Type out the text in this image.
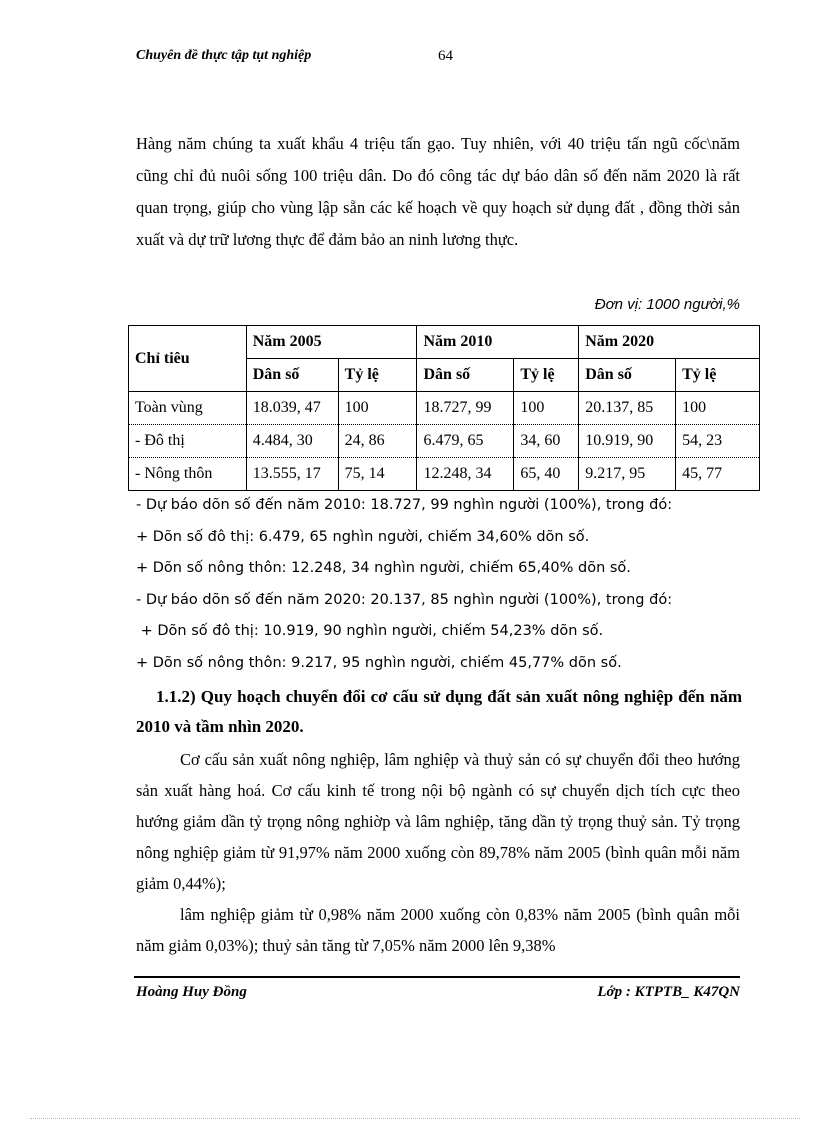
Chuyên đề thực tập tụt nghiệp	64
Hàng năm chúng ta xuất khẩu 4 triệu tấn gạo. Tuy nhiên, với 40 triệu tấn ngũ cốc\năm cũng chỉ đủ nuôi sống 100 triệu dân. Do đó công tác dự báo dân số đến năm 2020 là rất quan trọng, giúp cho vùng lập sẵn các kế hoạch về quy hoạch sử dụng đất , đồng thời sản xuất và dự trữ lương thực để đảm bảo an ninh lương thực.
Đơn vị: 1000 người,%
Chỉ tiêu	Năm 2005		Năm 2010		Năm 2020	
	Dân số	Tỷ lệ	Dân số	Tỷ lệ	Dân số	Tỷ lệ
Toàn vùng	18.039, 47	100	18.727, 99	100	20.137, 85	100
- Đô thị	4.484, 30	24, 86	6.479, 65	34, 60	10.919, 90	54, 23
- Nông thôn	13.555, 17	75, 14	12.248, 34	65, 40	9.217, 95	45, 77
- Dự báo dõn số đến năm 2010: 18.727, 99 nghìn người (100%), trong đó:
+ Dõn số đô thị: 6.479, 65 nghìn người, chiếm 34,60% dõn số.
+ Dõn số nông thôn: 12.248, 34 nghìn người, chiếm 65,40% dõn số.
- Dự báo dõn số đến năm 2020: 20.137, 85 nghìn người (100%), trong đó:
+ Dõn số đô thị: 10.919, 90 nghìn người, chiếm 54,23% dõn số.
+ Dõn số nông thôn: 9.217, 95 nghìn người, chiếm 45,77% dõn số.
1.1.2) Quy hoạch chuyển đổi cơ cấu sử dụng đất sản xuất nông nghiệp đến năm 2010 và tầm nhìn 2020.

Cơ cấu sản xuất nông nghiệp, lâm nghiệp và thuỷ sản có sự chuyển đổi theo hướng sản xuất hàng hoá. Cơ cấu kinh tế trong nội bộ ngành có sự chuyển dịch tích cực theo hướng giảm dần tỷ trọng nông nghiờp và lâm nghiệp, tăng dần tỷ trọng thuỷ sản. Tỷ trọng nông nghiệp giảm từ 91,97% năm 2000 xuống còn 89,78% năm 2005 (bình quân mỗi năm giảm 0,44%);

lâm nghiệp giảm từ 0,98% năm 2000 xuống còn 0,83% năm 2005 (bình quân mỗi năm giảm 0,03%); thuỷ sản tăng từ 7,05% năm 2000 lên 9,38%

Hoàng Huy Đồng	Lớp : KTPTB_ K47QN
